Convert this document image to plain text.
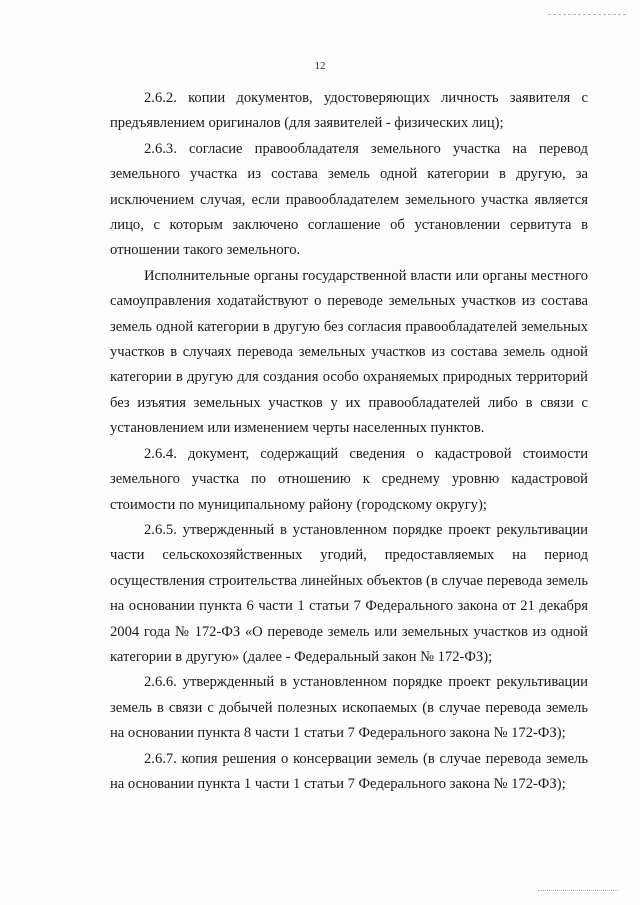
12

2.6.2. копии документов, удостоверяющих личность заявителя с предъявлением оригиналов (для заявителей - физических лиц);

2.6.3. согласие правообладателя земельного участка на перевод земельного участка из состава земель одной категории в другую, за исключением случая, если правообладателем земельного участка является лицо, с которым заключено соглашение об установлении сервитута в отношении такого земельного.

Исполнительные органы государственной власти или органы местного самоуправления ходатайствуют о переводе земельных участков из состава земель одной категории в другую без согласия правообладателей земельных участков в случаях перевода земельных участков из состава земель одной категории в другую для создания особо охраняемых природных территорий без изъятия земельных участков у их правообладателей либо в связи с установлением или изменением черты населенных пунктов.

2.6.4. документ, содержащий сведения о кадастровой стоимости земельного участка по отношению к среднему уровню кадастровой стоимости по муниципальному району (городскому округу);

2.6.5. утвержденный в установленном порядке проект рекультивации части сельскохозяйственных угодий, предоставляемых на период осуществления строительства линейных объектов (в случае перевода земель на основании пункта 6 части 1 статьи 7 Федерального закона от 21 декабря 2004 года № 172-ФЗ «О переводе земель или земельных участков из одной категории в другую» (далее - Федеральный закон № 172-ФЗ);

2.6.6. утвержденный в установленном порядке проект рекультивации земель в связи с добычей полезных ископаемых (в случае перевода земель на основании пункта 8 части 1 статьи 7 Федерального закона № 172-ФЗ);

2.6.7. копия решения о консервации земель (в случае перевода земель на основании пункта 1 части 1 статьи 7 Федерального закона № 172-ФЗ);
